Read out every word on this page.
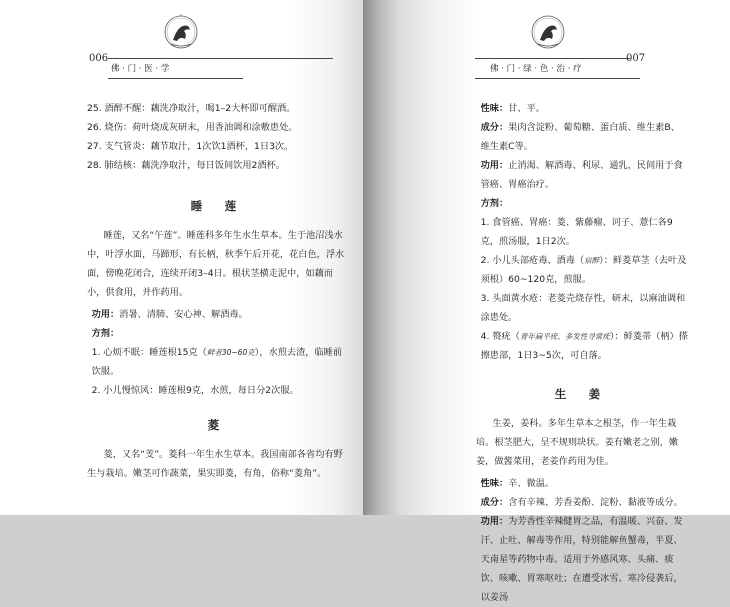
006
佛 · 门 · 医 · 学

25. 酒醉不醒：藕洗净取汁，喝1–2大杯即可醒酒。

26. 烧伤：荷叶烧成灰研末，用香油调和涂敷患处。

27. 支气管炎：藕节取汁，1次饮1酒杯，1日3次。

28. 肺结核：藕洗净取汁，每日饭间饮用2酒杯。

睡 莲

睡莲，又名“午莲”。睡莲科多年生水生草本。生于池沼浅水中，叶浮水面，马蹄形，有长柄，秋季午后开花，花白色，浮水面，傍晚花闭合，连续开闭3–4日。根状茎横走泥中，如藕而小，供食用，并作药用。

功用：消暑、清肺、安心神、解酒毒。

方剂：

1. 心烦不眠：睡莲根15克（鲜者30~60克），水煎去渣，临睡前饮服。

2. 小儿慢惊风：睡莲根9克，水煎，每日分2次服。

菱

菱，又名“芰”。菱科一年生水生草本。我国南部各省均有野生与栽培。嫩茎可作蔬菜，果实即菱，有角，俗称“菱角”。

007
佛 · 门 · 绿 · 色 · 治 · 疗

性味：甘、平。

成分：果肉含淀粉、葡萄糖、蛋白质、维生素B、维生素C等。

功用：止消渴、解酒毒、利尿、通乳，民间用于食管癌、胃癌治疗。

方剂：

1. 食管癌、胃癌：菱、紫藤瘤、诃子、薏仁各9克，煎汤服，1日2次。

2. 小儿头部疮毒、酒毒（宿醉）：鲜菱草茎（去叶及须根）60~120克，煎服。

3. 头面黄水疮：老菱壳烧存性，研末，以麻油调和涂患处。

4. 赘疣（青年扁平疣、多发性寻常疣）：鲜菱蒂（柄）搽擦患部，1日3~5次，可自落。

生 姜

生姜，姜科。多年生草本之根茎，作一年生栽培。根茎肥大，呈不规则块状。姜有嫩老之别，嫩姜，做酱菜用，老姜作药用为佳。

性味：辛、微温。

成分：含有辛辣、芳香姜酚、淀粉、黏液等成分。

功用：为芳香性辛辣健胃之品，有温暖、兴奋、发汗、止吐、解毒等作用，特别能解鱼蟹毒，半夏、天南星等药物中毒。适用于外感风寒、头痛、痰饮、咳嗽、胃寒呕吐；在遭受冰雪、寒冷侵袭后，以姜汤
